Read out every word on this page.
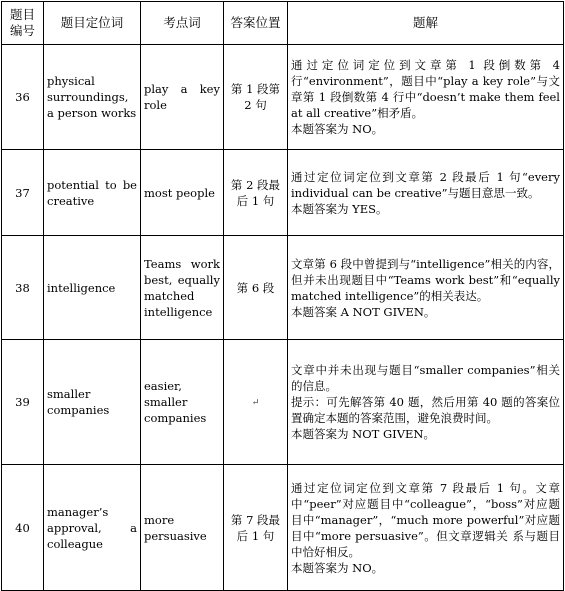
题目编号	题目定位词	考点词	答案位置	题解
36	physical surroundings, a person works	play a key role	第 1 段第 2 句	通过定位词定位到文章第 1 段倒数第 4 行“environment”，题目中“play a key role”与文章第 1 段倒数第 4 行中“doesn’t make them feel at all creative”相矛盾。
本题答案为 NO。

37	potential to be creative	most people	第 2 段最后 1 句	通过定位词定位到文章第 2 段最后 1 句“every individual can be creative”与题目意思一致。
本题答案为 YES。

38	intelligence	Teams work best, equally matched intelligence	第 6 段	文章第 6 段中曾提到与“intelligence”相关的内容，但并未出现题目中“Teams work best”和“equally matched intelligence”的相关表达。
本题答案 A NOT GIVEN。

39	smaller companies	easier, smaller companies	↵	文章中并未出现与题目“smaller companies”相关的信息。
提示：可先解答第 40 题，然后用第 40 题的答案位置确定本题的答案范围，避免浪费时间。
本题答案为 NOT GIVEN。

40	manager’s approval, a colleague	more persuasive	第 7 段最后 1 句	通过定位词定位到文章第 7 段最后 1 句。文章中“peer”对应题目中“colleague”，“boss”对应题目中“manager”，“much more powerful”对应题目中“more persuasive”。但文章逻辑关 系与题目中恰好相反。
本题答案为 NO。
